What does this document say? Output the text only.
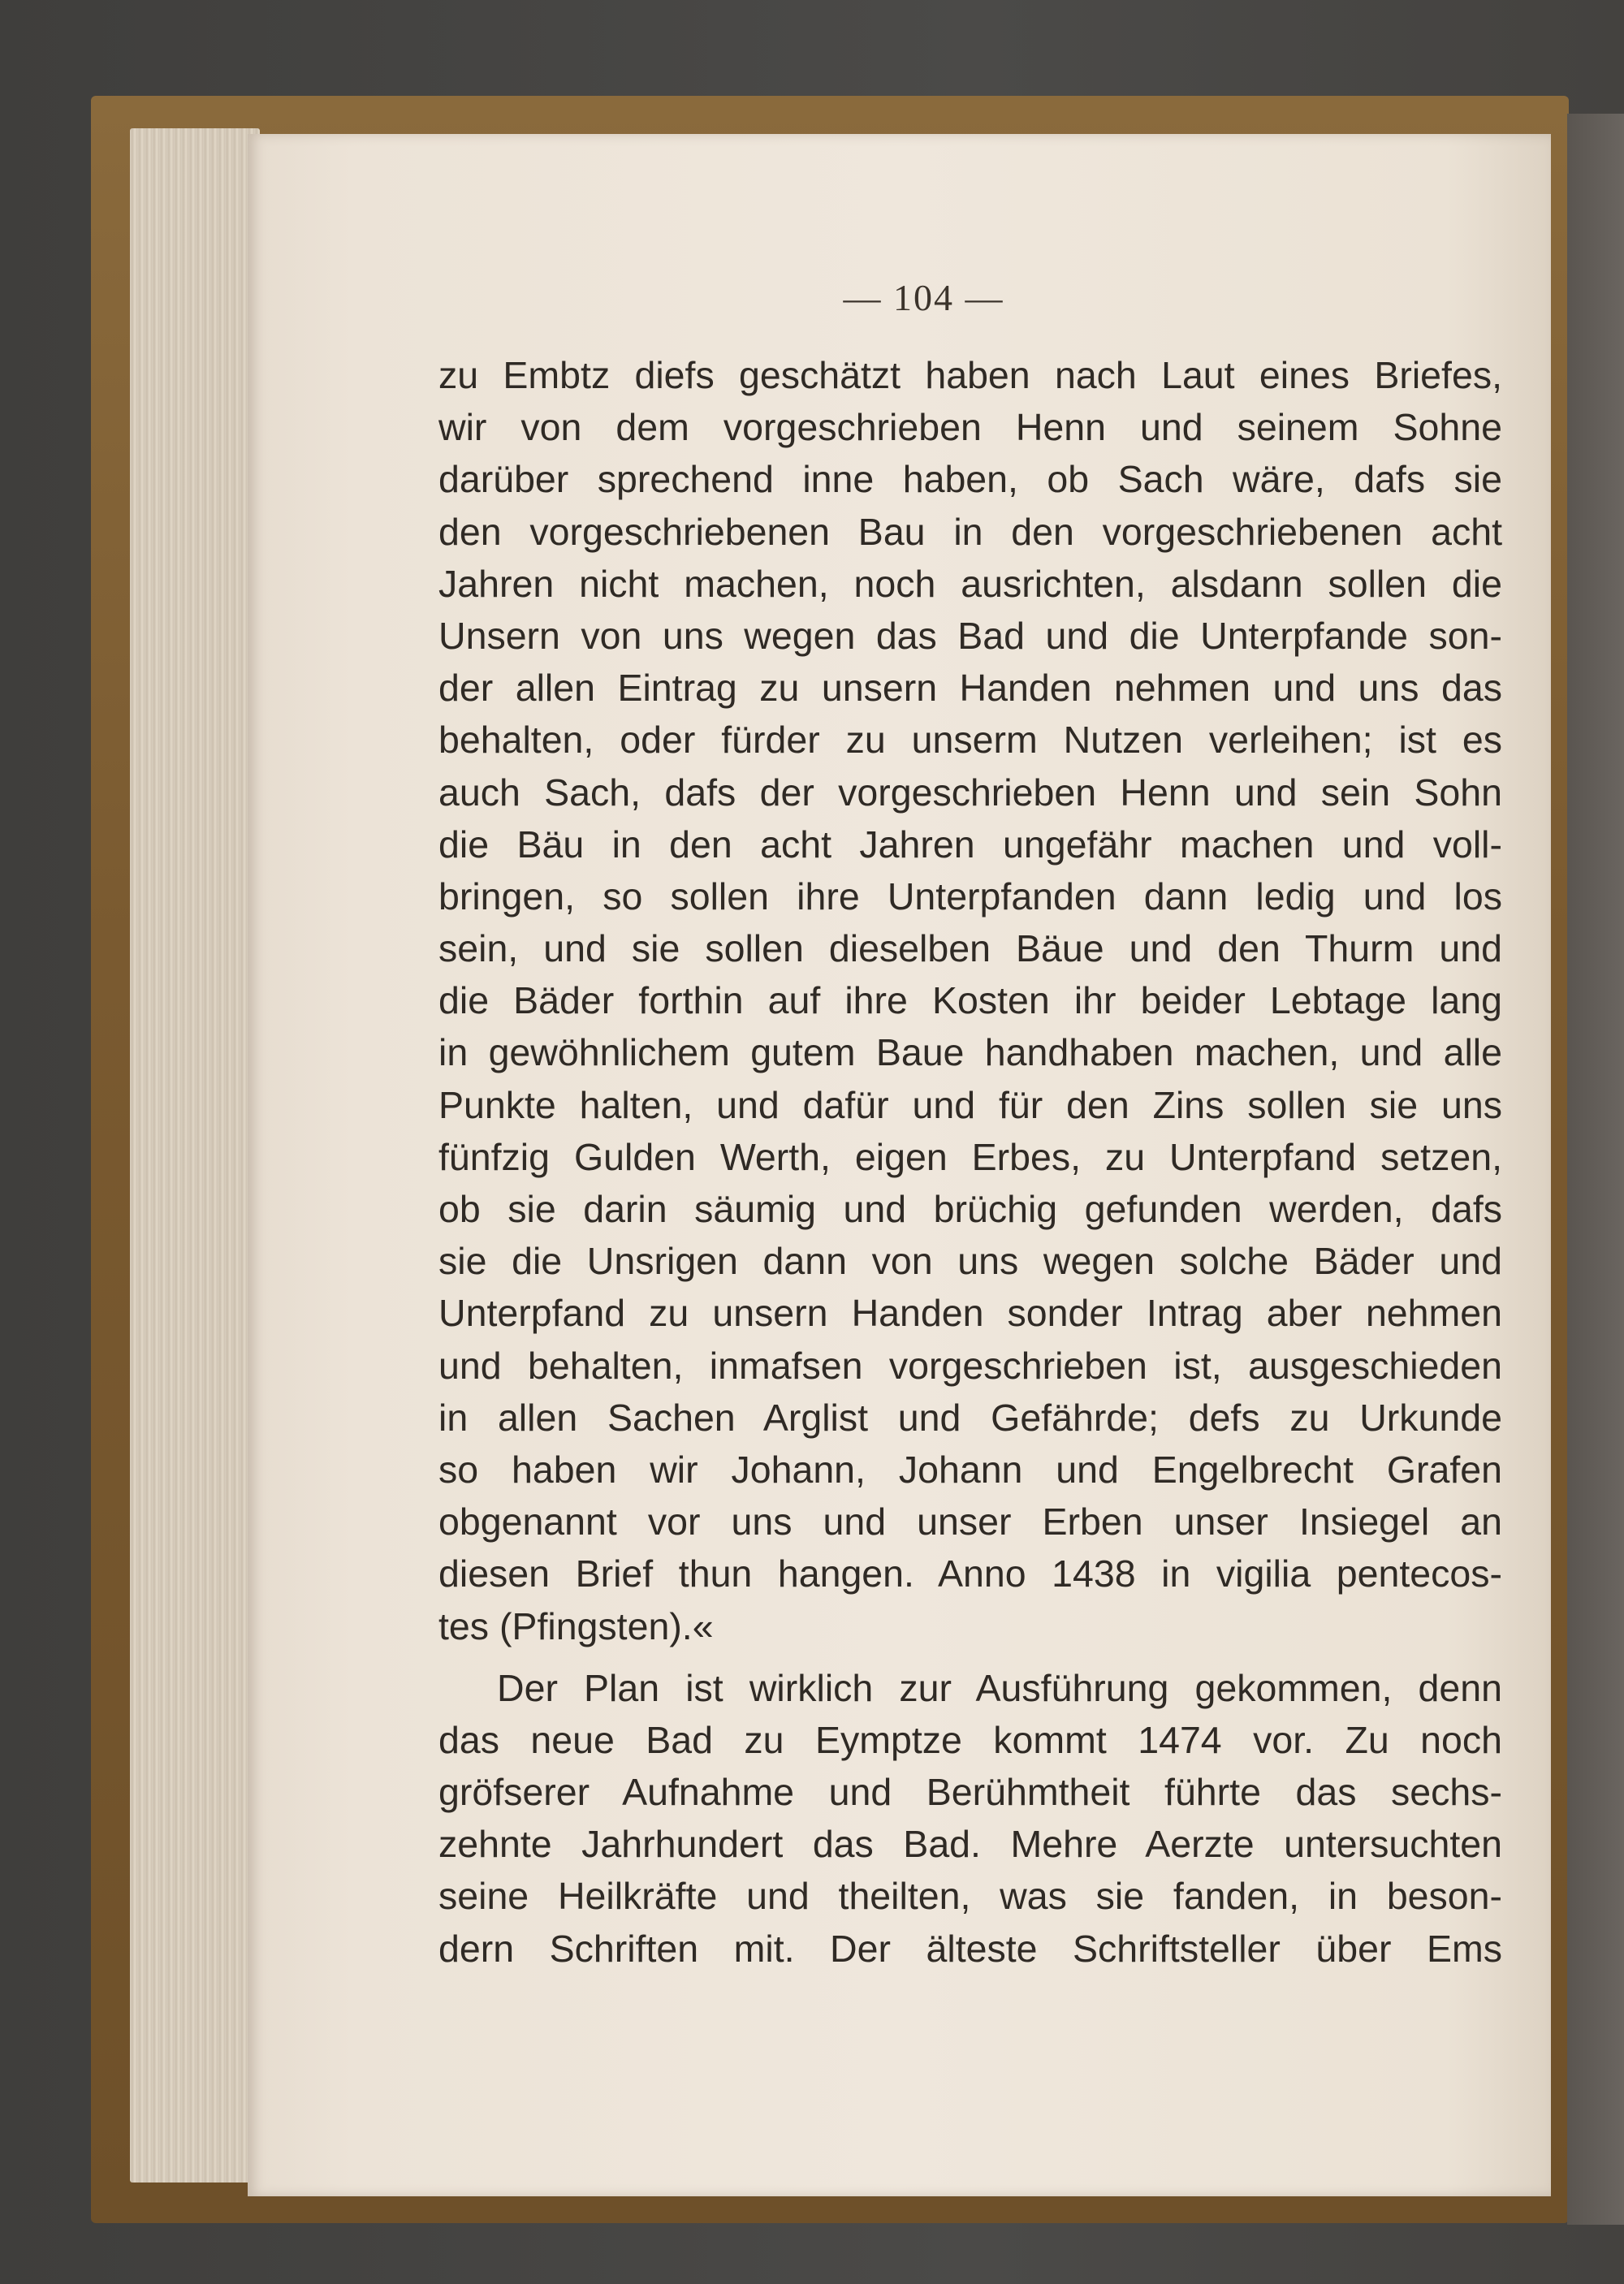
— 104 —
zu Embtz diefs geschätzt haben nach Laut eines Briefes,
wir von dem vorgeschrieben Henn und seinem Sohne
darüber sprechend inne haben, ob Sach wäre, dafs sie
den vorgeschriebenen Bau in den vorgeschriebenen acht
Jahren nicht machen, noch ausrichten, alsdann sollen die
Unsern von uns wegen das Bad und die Unterpfande son-
der allen Eintrag zu unsern Handen nehmen und uns das
behalten, oder fürder zu unserm Nutzen verleihen; ist es
auch Sach, dafs der vorgeschrieben Henn und sein Sohn
die Bäu in den acht Jahren ungefähr machen und voll-
bringen, so sollen ihre Unterpfanden dann ledig und los
sein, und sie sollen dieselben Bäue und den Thurm und
die Bäder forthin auf ihre Kosten ihr beider Lebtage lang
in gewöhnlichem gutem Baue handhaben machen, und alle
Punkte halten, und dafür und für den Zins sollen sie uns
fünfzig Gulden Werth, eigen Erbes, zu Unterpfand setzen,
ob sie darin säumig und brüchig gefunden werden, dafs
sie die Unsrigen dann von uns wegen solche Bäder und
Unterpfand zu unsern Handen sonder Intrag aber nehmen
und behalten, inmafsen vorgeschrieben ist, ausgeschieden
in allen Sachen Arglist und Gefährde; defs zu Urkunde
so haben wir Johann, Johann und Engelbrecht Grafen
obgenannt vor uns und unser Erben unser Insiegel an
diesen Brief thun hangen. Anno 1438 in vigilia pentecos-
tes (Pfingsten).«
Der Plan ist wirklich zur Ausführung gekommen, denn
das neue Bad zu Eymptze kommt 1474 vor. Zu noch
gröfserer Aufnahme und Berühmtheit führte das sechs-
zehnte Jahrhundert das Bad. Mehre Aerzte untersuchten
seine Heilkräfte und theilten, was sie fanden, in beson-
dern Schriften mit. Der älteste Schriftsteller über Ems
